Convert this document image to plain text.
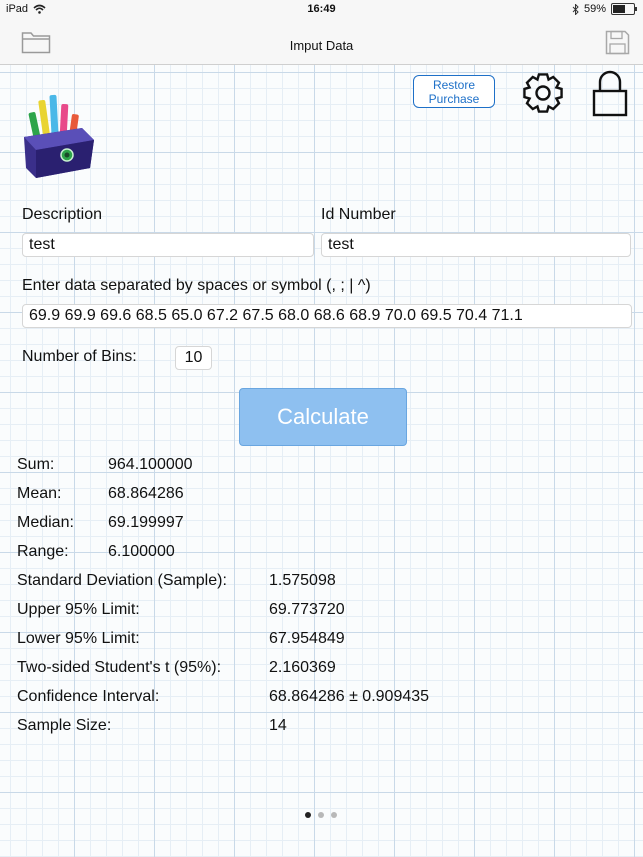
iPad	16:49	59%
Imput Data
Restore
Purchase
Description
test
Id Number
test
Enter data separated by spaces or symbol (, ; | ^)
69.9 69.9 69.6 68.5 65.0 67.2 67.5 68.0 68.6 68.9 70.0 69.5 70.4 71.1
Number of Bins:	10
Calculate
Sum:	964.100000
Mean:	68.864286
Median: 69.199997
Range: 6.100000
Standard Deviation (Sample):	1.575098
Upper 95% Limit:	69.773720
Lower 95% Limit:	67.954849
Two-sided Student's t (95%):	2.160369
Confidence Interval:	68.864286 ± 0.909435
Sample Size:	14
